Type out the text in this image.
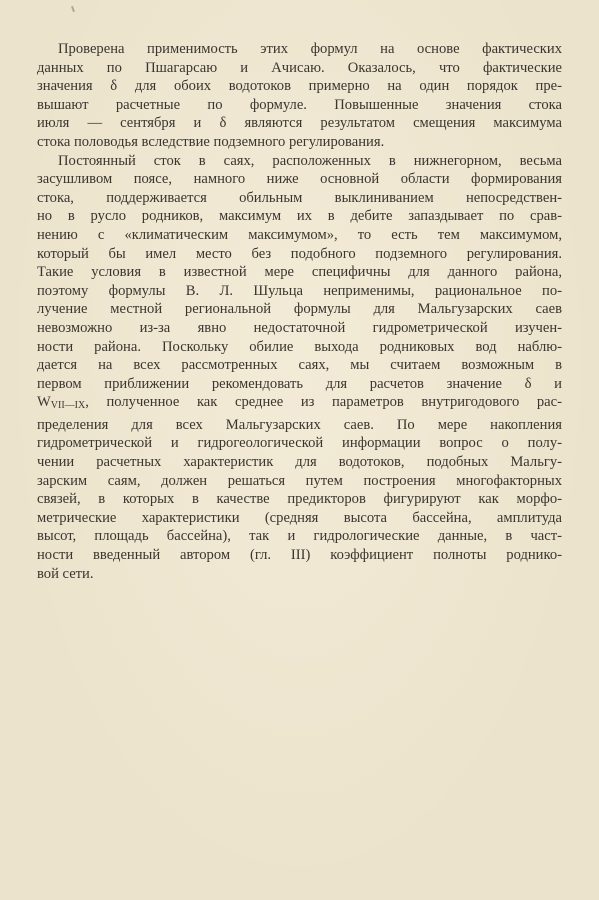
Проверена применимость этих формул на основе фактических
данных по Пшагарсаю и Ачисаю. Оказалось, что фактические
значения δ для обоих водотоков примерно на один порядок пре-
вышают расчетные по формуле. Повышенные значения стока
июля — сентября и δ являются результатом смещения максимума
стока половодья вследствие подземного регулирования.

Постоянный сток в саях, расположенных в нижнегорном, весьма
засушливом поясе, намного ниже основной области формирования
стока, поддерживается обильным выклиниванием непосредствен-
но в русло родников, максимум их в дебите запаздывает по срав-
нению с «климатическим максимумом», то есть тем максимумом,
который бы имел место без подобного подземного регулирования.
Такие условия в известной мере специфичны для данного района,
поэтому формулы В. Л. Шульца неприменимы, рациональное по-
лучение местной региональной формулы для Мальгузарских саев
невозможно из-за явно недостаточной гидрометрической изучен-
ности района. Поскольку обилие выхода родниковых вод наблю-
дается на всех рассмотренных саях, мы считаем возможным в
первом приближении рекомендовать для расчетов значение δ и
$W_{VII—IX}$, полученное как среднее из параметров внутригодового рас-
пределения для всех Мальгузарских саев. По мере накопления
гидрометрической и гидрогеологической информации вопрос о полу-
чении расчетных характеристик для водотоков, подобных Мальгу-
зарским саям, должен решаться путем построения многофакторных
связей, в которых в качестве предикторов фигурируют как морфо-
метрические характеристики (средняя высота бассейна, амплитуда
высот, площадь бассейна), так и гидрологические данные, в част-
ности введенный автором (гл. III) коэффициент полноты роднико-
вой сети.
